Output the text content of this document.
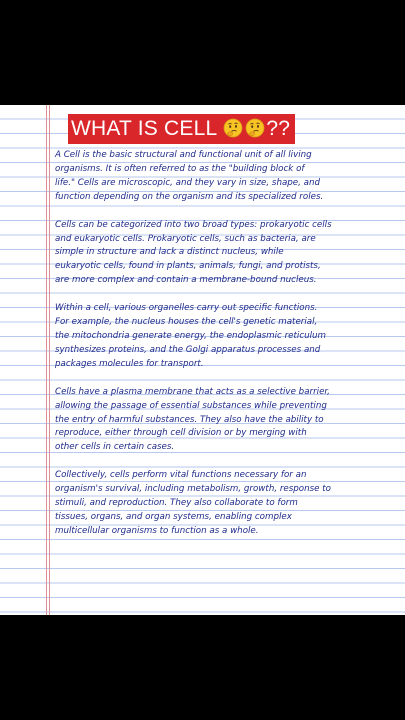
WHAT IS CELL ??

A Cell is the basic structural and functional unit of all living
organisms. It is often referred to as the "building block of
life." Cells are microscopic, and they vary in size, shape, and
function depending on the organism and its specialized roles.

Cells can be categorized into two broad types: prokaryotic cells
and eukaryotic cells. Prokaryotic cells, such as bacteria, are
simple in structure and lack a distinct nucleus, while
eukaryotic cells, found in plants, animals, fungi, and protists,
are more complex and contain a membrane-bound nucleus.

Within a cell, various organelles carry out specific functions.
For example, the nucleus houses the cell's genetic material,
the mitochondria generate energy, the endoplasmic reticulum
synthesizes proteins, and the Golgi apparatus processes and
packages molecules for transport.

Cells have a plasma membrane that acts as a selective barrier,
allowing the passage of essential substances while preventing
the entry of harmful substances. They also have the ability to
reproduce, either through cell division or by merging with
other cells in certain cases.

Collectively, cells perform vital functions necessary for an
organism's survival, including metabolism, growth, response to
stimuli, and reproduction. They also collaborate to form
tissues, organs, and organ systems, enabling complex
multicellular organisms to function as a whole.
